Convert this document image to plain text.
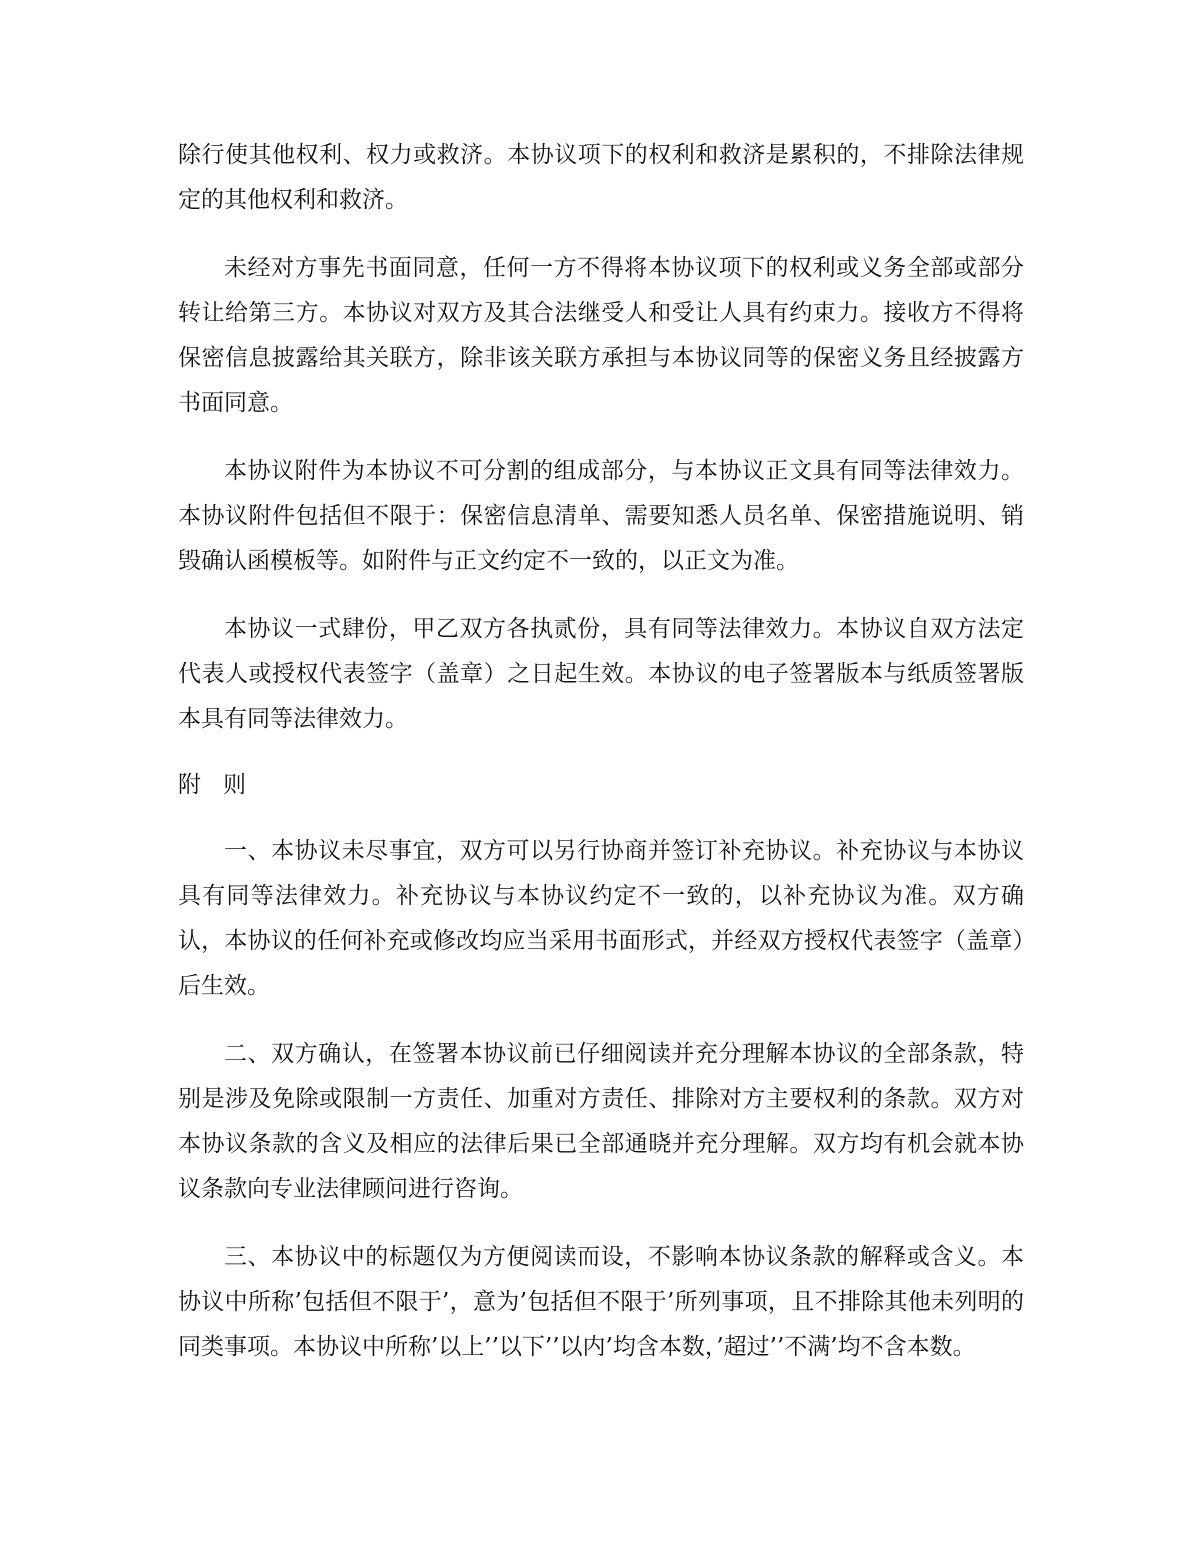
除行使其他权利、权力或救济。本协议项下的权利和救济是累积的，不排除法律规定的其他权利和救济。

未经对方事先书面同意，任何一方不得将本协议项下的权利或义务全部或部分转让给第三方。本协议对双方及其合法继受人和受让人具有约束力。接收方不得将保密信息披露给其关联方，除非该关联方承担与本协议同等的保密义务且经披露方书面同意。

本协议附件为本协议不可分割的组成部分，与本协议正文具有同等法律效力。本协议附件包括但不限于：保密信息清单、需要知悉人员名单、保密措施说明、销毁确认函模板等。如附件与正文约定不一致的，以正文为准。

本协议一式肆份，甲乙双方各执贰份，具有同等法律效力。本协议自双方法定代表人或授权代表签字（盖章）之日起生效。本协议的电子签署版本与纸质签署版本具有同等法律效力。

附则

一、本协议未尽事宜，双方可以另行协商并签订补充协议。补充协议与本协议具有同等法律效力。补充协议与本协议约定不一致的，以补充协议为准。双方确认，本协议的任何补充或修改均应当采用书面形式，并经双方授权代表签字（盖章）后生效。

二、双方确认，在签署本协议前已仔细阅读并充分理解本协议的全部条款，特别是涉及免除或限制一方责任、加重对方责任、排除对方主要权利的条款。双方对本协议条款的含义及相应的法律后果已全部通晓并充分理解。双方均有机会就本协议条款向专业法律顾问进行咨询。

三、本协议中的标题仅为方便阅读而设，不影响本协议条款的解释或含义。本协议中所称’包括但不限于’，意为’包括但不限于’所列事项，且不排除其他未列明的同类事项。本协议中所称’以上’’以下’’以内’均含本数，’超过’’不满’均不含本数。
